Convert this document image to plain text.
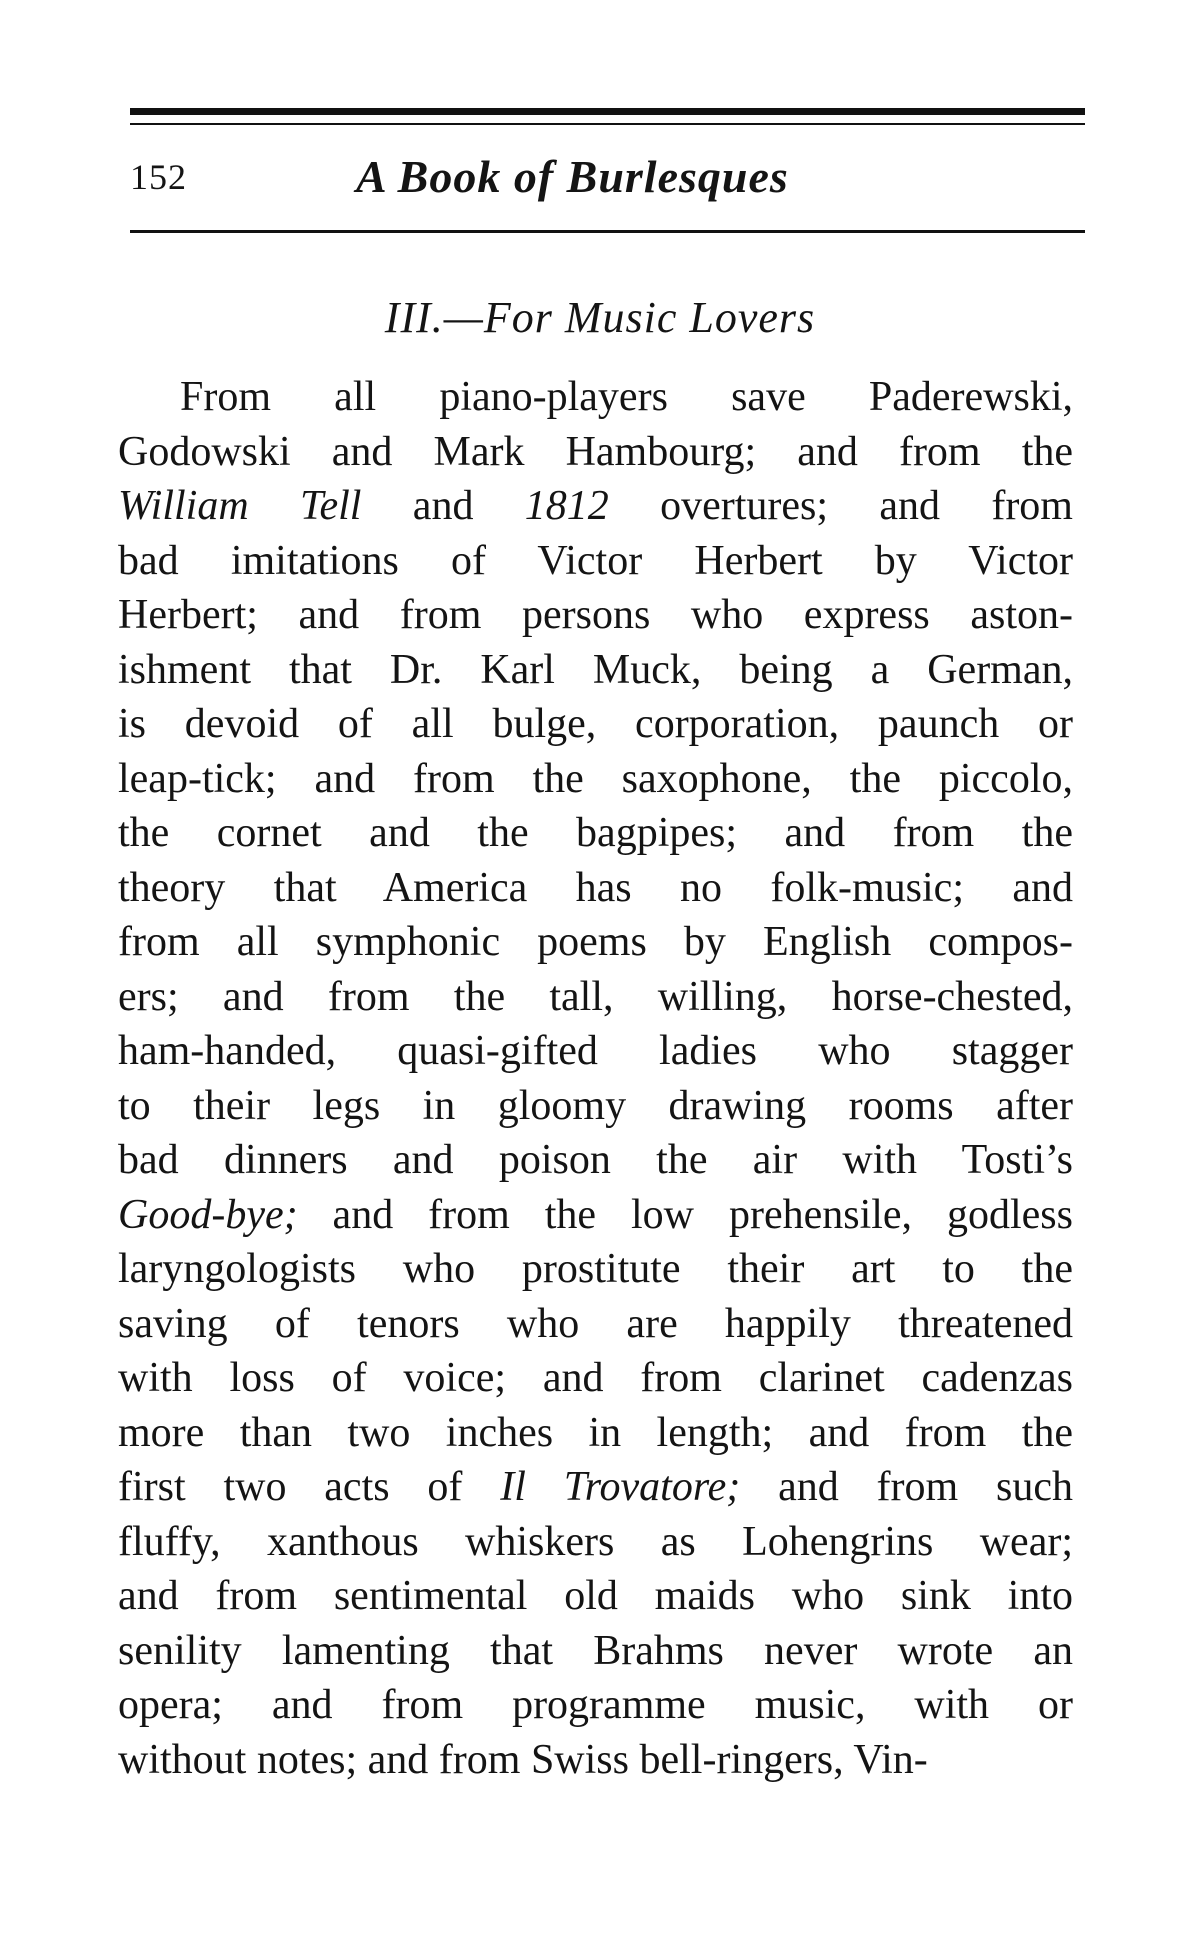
152	A Book of Burlesques
III.—For Music Lovers
From all piano-players save Paderewski,
Godowski and Mark Hambourg; and from the
William Tell and 1812 overtures; and from
bad imitations of Victor Herbert by Victor
Herbert; and from persons who express aston-
ishment that Dr. Karl Muck, being a German,
is devoid of all bulge, corporation, paunch or
leap-tick; and from the saxophone, the piccolo,
the cornet and the bagpipes; and from the
theory that America has no folk-music; and
from all symphonic poems by English compos-
ers; and from the tall, willing, horse-chested,
ham-handed, quasi-gifted ladies who stagger
to their legs in gloomy drawing rooms after
bad dinners and poison the air with Tosti’s
Good-bye; and from the low prehensile, godless
laryngologists who prostitute their art to the
saving of tenors who are happily threatened
with loss of voice; and from clarinet cadenzas
more than two inches in length; and from the
first two acts of Il Trovatore; and from such
fluffy, xanthous whiskers as Lohengrins wear;
and from sentimental old maids who sink into
senility lamenting that Brahms never wrote an
opera; and from programme music, with or
without notes; and from Swiss bell-ringers, Vin-
